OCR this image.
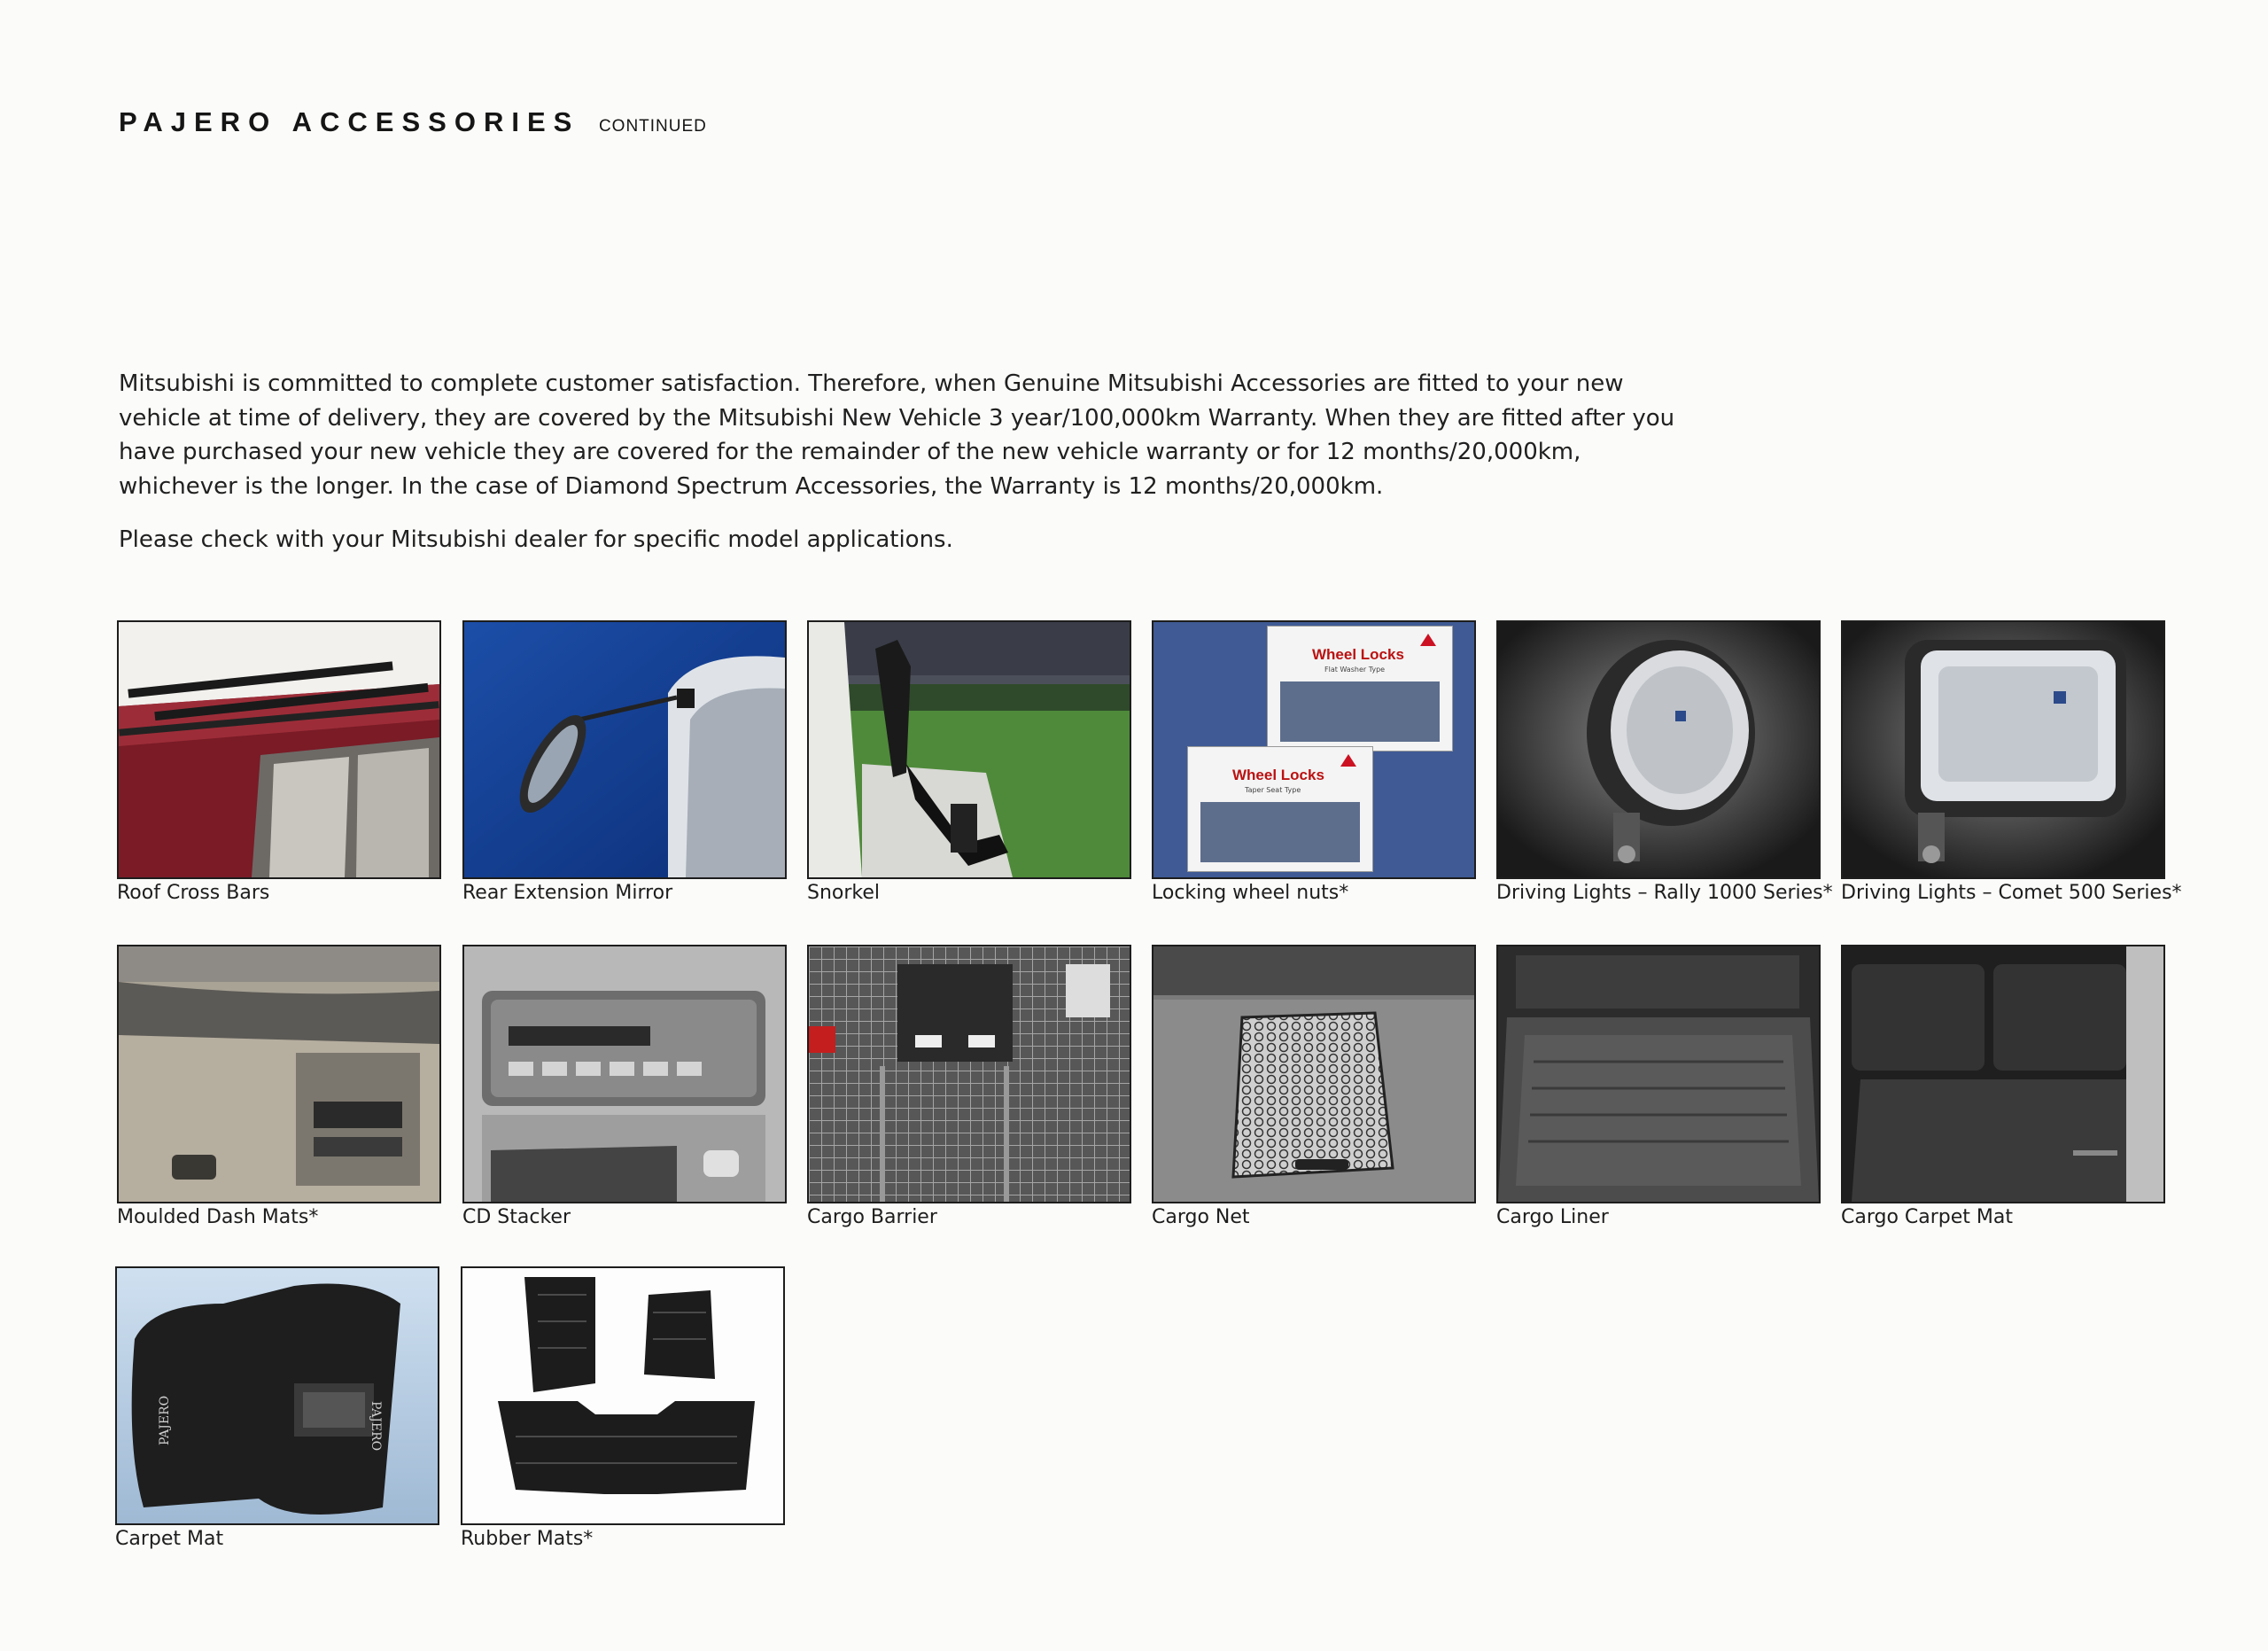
PAJERO ACCESSORIES CONTINUED

Mitsubishi is committed to complete customer satisfaction. Therefore, when Genuine Mitsubishi Accessories are fitted to your new vehicle at time of delivery, they are covered by the Mitsubishi New Vehicle 3 year/100,000km Warranty. When they are fitted after you have purchased your new vehicle they are covered for the remainder of the new vehicle warranty or for 12 months/20,000km, whichever is the longer. In the case of Diamond Spectrum Accessories, the Warranty is 12 months/20,000km.

Please check with your Mitsubishi dealer for specific model applications.

Roof Cross Bars	Rear Extension Mirror	Snorkel
Wheel Locks
Flat Washer Type
Wheel Locks
Taper Seat Type
Locking wheel nuts*	Driving Lights – Rally 1000 Series* Driving Lights – Comet 500 Series*
Moulded Dash Mats*	CD Stacker	Cargo Barrier	Cargo Net	Cargo Liner	Cargo Carpet Mat
PAJERO	PAJERO
Carpet Mat	Rubber Mats*
